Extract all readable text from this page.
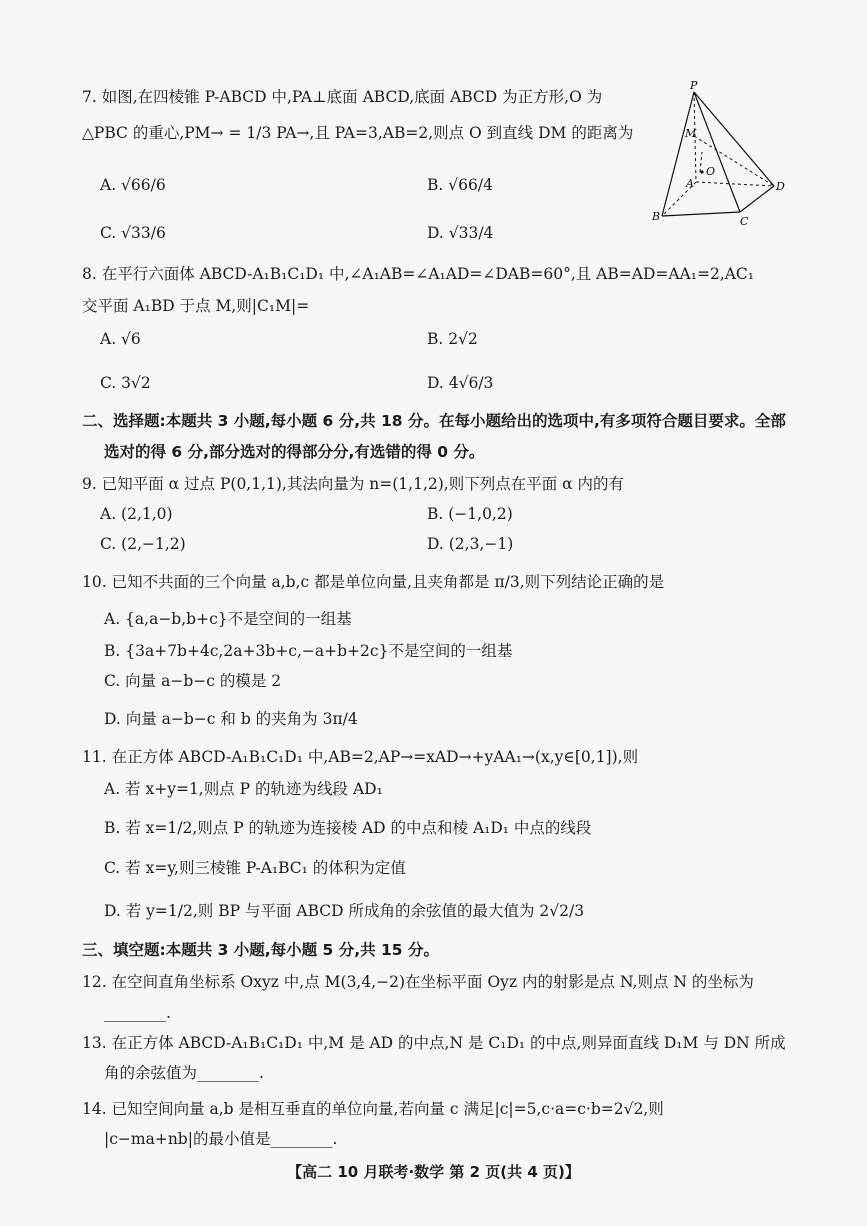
7. 如图,在四棱锥 P-ABCD 中,PA⊥底面 ABCD,底面 ABCD 为正方形,O 为
△PBC 的重心,PM→ = 1/3 PA→,且 PA=3,AB=2,则点 O 到直线 DM 的距离为
A. √66/6	B. √66/4
C. √33/6	D. √33/4
P
M
O
A	D
B	C
8. 在平行六面体 ABCD-A₁B₁C₁D₁ 中,∠A₁AB=∠A₁AD=∠DAB=60°,且 AB=AD=AA₁=2,AC₁
交平面 A₁BD 于点 M,则|C₁M|=
A. √6	B. 2√2
C. 3√2	D. 4√6/3
二、选择题:本题共 3 小题,每小题 6 分,共 18 分。在每小题给出的选项中,有多项符合题目要求。全部
选对的得 6 分,部分选对的得部分分,有选错的得 0 分。
9. 已知平面 α 过点 P(0,1,1),其法向量为 n=(1,1,2),则下列点在平面 α 内的有
A. (2,1,0)	B. (−1,0,2)
C. (2,−1,2)	D. (2,3,−1)
10. 已知不共面的三个向量 a,b,c 都是单位向量,且夹角都是 π/3,则下列结论正确的是
A. {a,a−b,b+c}不是空间的一组基
B. {3a+7b+4c,2a+3b+c,−a+b+2c}不是空间的一组基
C. 向量 a−b−c 的模是 2
D. 向量 a−b−c 和 b 的夹角为 3π/4
11. 在正方体 ABCD-A₁B₁C₁D₁ 中,AB=2,AP→=xAD→+yAA₁→(x,y∈[0,1]),则
A. 若 x+y=1,则点 P 的轨迹为线段 AD₁
B. 若 x=1/2,则点 P 的轨迹为连接棱 AD 的中点和棱 A₁D₁ 中点的线段
C. 若 x=y,则三棱锥 P-A₁BC₁ 的体积为定值
D. 若 y=1/2,则 BP 与平面 ABCD 所成角的余弦值的最大值为 2√2/3
三、填空题:本题共 3 小题,每小题 5 分,共 15 分。
12. 在空间直角坐标系 Oxyz 中,点 M(3,4,−2)在坐标平面 Oyz 内的射影是点 N,则点 N 的坐标为
________.
13. 在正方体 ABCD-A₁B₁C₁D₁ 中,M 是 AD 的中点,N 是 C₁D₁ 的中点,则异面直线 D₁M 与 DN 所成
角的余弦值为________.
14. 已知空间向量 a,b 是相互垂直的单位向量,若向量 c 满足|c|=5,c·a=c·b=2√2,则
|c−ma+nb|的最小值是________.
【高二 10 月联考·数学 第 2 页(共 4 页)】
